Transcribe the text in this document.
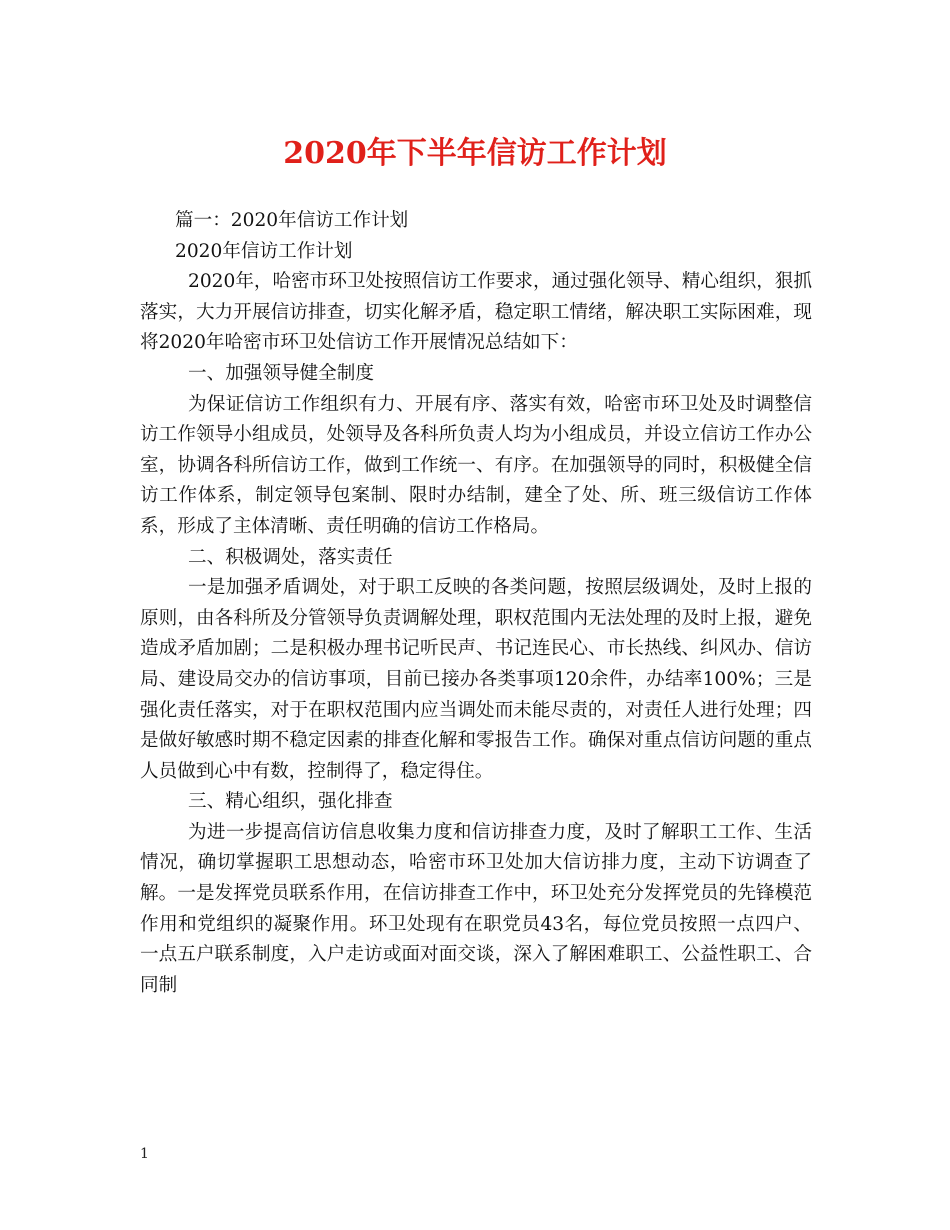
2020年下半年信访工作计划

篇一：2020年信访工作计划

2020年信访工作计划

2020年，哈密市环卫处按照信访工作要求，通过强化领导、精心组织，狠抓落实，大力开展信访排查，切实化解矛盾，稳定职工情绪，解决职工实际困难，现将2020年哈密市环卫处信访工作开展情况总结如下：

一、加强领导健全制度

为保证信访工作组织有力、开展有序、落实有效，哈密市环卫处及时调整信访工作领导小组成员，处领导及各科所负责人均为小组成员，并设立信访工作办公室，协调各科所信访工作，做到工作统一、有序。在加强领导的同时，积极健全信访工作体系，制定领导包案制、限时办结制，建全了处、所、班三级信访工作体系，形成了主体清晰、责任明确的信访工作格局。

二、积极调处，落实责任

一是加强矛盾调处，对于职工反映的各类问题，按照层级调处，及时上报的原则，由各科所及分管领导负责调解处理，职权范围内无法处理的及时上报，避免造成矛盾加剧；二是积极办理书记听民声、书记连民心、市长热线、纠风办、信访局、建设局交办的信访事项，目前已接办各类事项120余件，办结率100%；三是强化责任落实，对于在职权范围内应当调处而未能尽责的，对责任人进行处理；四是做好敏感时期不稳定因素的排查化解和零报告工作。确保对重点信访问题的重点人员做到心中有数，控制得了，稳定得住。

三、精心组织，强化排查

为进一步提高信访信息收集力度和信访排查力度，及时了解职工工作、生活情况，确切掌握职工思想动态，哈密市环卫处加大信访排力度，主动下访调查了解。一是发挥党员联系作用，在信访排查工作中，环卫处充分发挥党员的先锋模范作用和党组织的凝聚作用。环卫处现有在职党员43名，每位党员按照一点四户、一点五户联系制度，入户走访或面对面交谈，深入了解困难职工、公益性职工、合同制

1
